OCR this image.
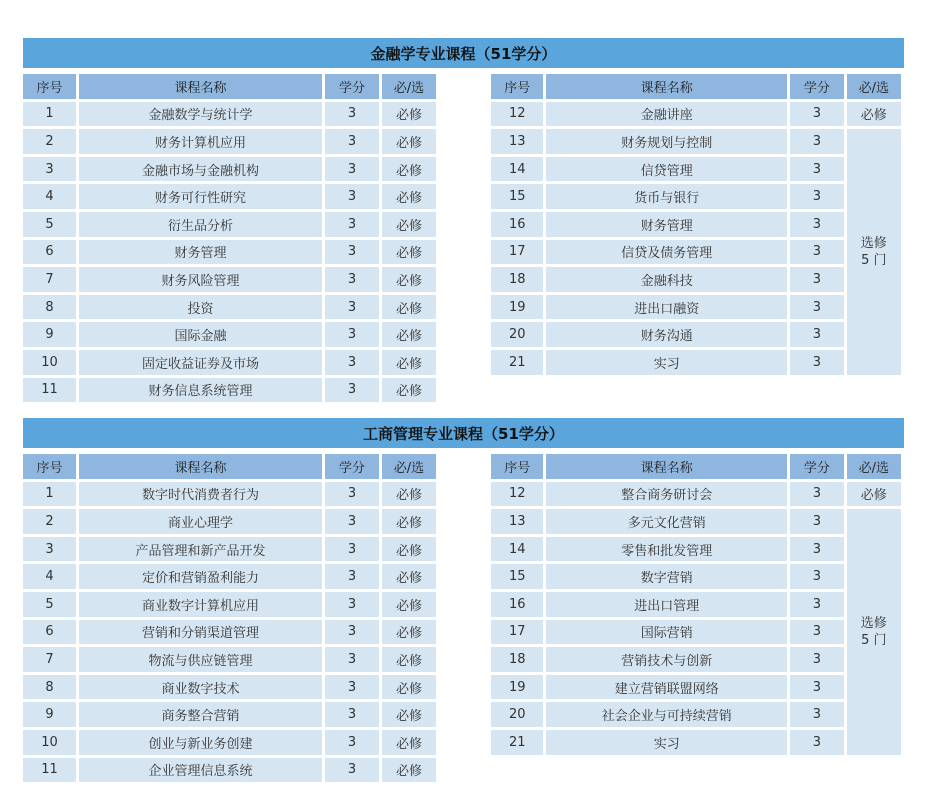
金融学专业课程（51学分）
序号	课程名称	学分	必/选
1	金融数学与统计学	3	必修
2	财务计算机应用	3	必修
3	金融市场与金融机构	3	必修
4	财务可行性研究	3	必修
5	衍生品分析	3	必修
6	财务管理	3	必修
7	财务风险管理	3	必修
8	投资	3	必修
9	国际金融	3	必修
10	固定收益证券及市场	3	必修
11	财务信息系统管理	3	必修
序号	课程名称	学分	必/选
12	金融讲座	3	必修
13	财务规划与控制	3	选修
5 门
14	信贷管理	3	
15	货币与银行	3	
16	财务管理	3	
17	信贷及债务管理	3	
18	金融科技	3	
19	进出口融资	3	
20	财务沟通	3	
21	实习	3	
工商管理专业课程（51学分）
序号	课程名称	学分	必/选
1	数字时代消费者行为	3	必修
2	商业心理学	3	必修
3	产品管理和新产品开发	3	必修
4	定价和营销盈利能力	3	必修
5	商业数字计算机应用	3	必修
6	营销和分销渠道管理	3	必修
7	物流与供应链管理	3	必修
8	商业数字技术	3	必修
9	商务整合营销	3	必修
10	创业与新业务创建	3	必修
11	企业管理信息系统	3	必修
序号	课程名称	学分	必/选
12	整合商务研讨会	3	必修
13	多元文化营销	3	选修
5 门
14	零售和批发管理	3	
15	数字营销	3	
16	进出口管理	3	
17	国际营销	3	
18	营销技术与创新	3	
19	建立营销联盟网络	3	
20	社会企业与可持续营销	3	
21	实习	3	
